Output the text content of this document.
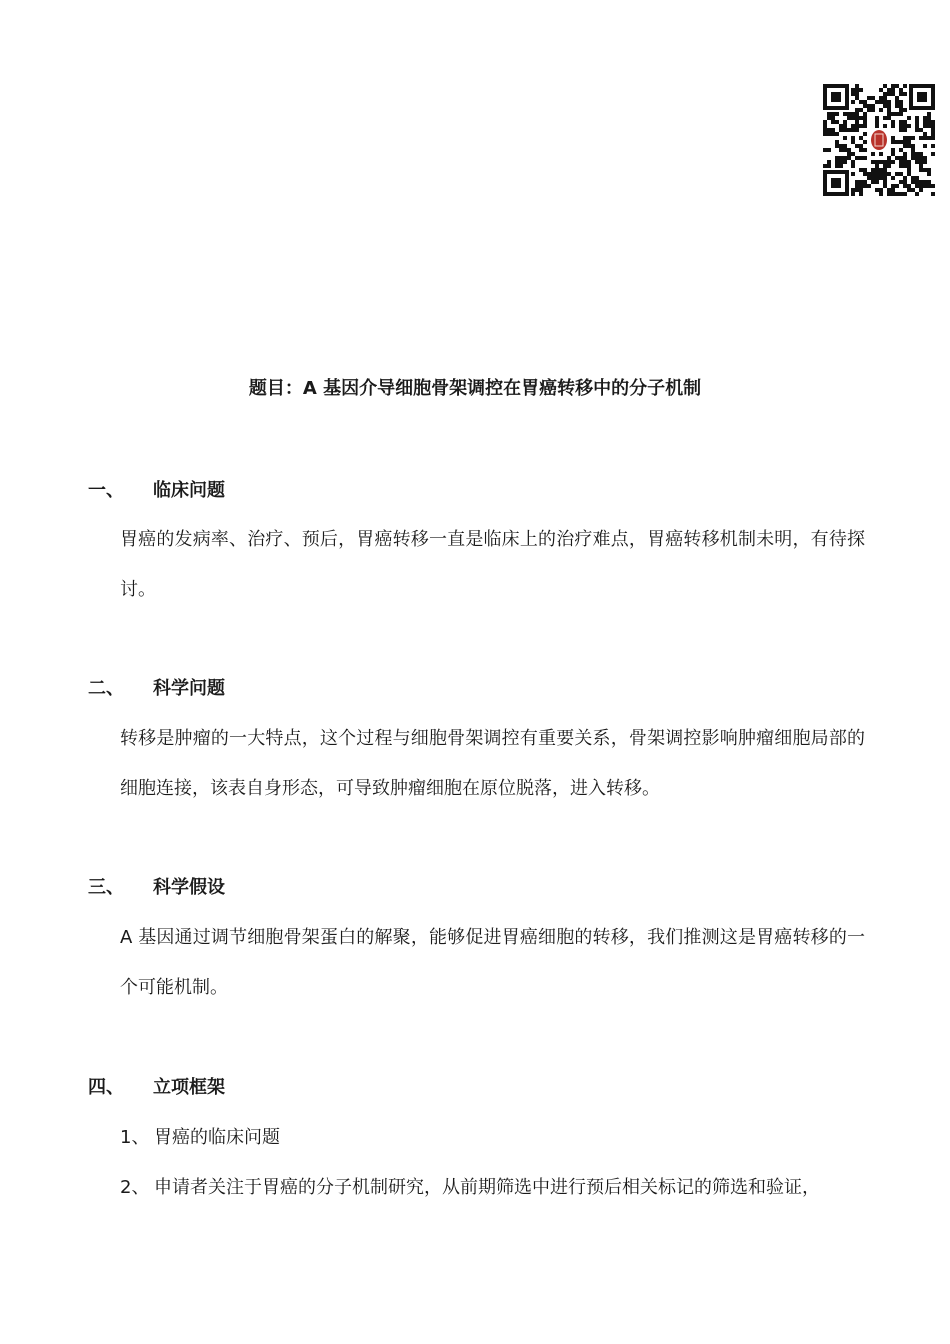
题目：A 基因介导细胞骨架调控在胃癌转移中的分子机制
一、 临床问题
胃癌的发病率、治疗、预后，胃癌转移一直是临床上的治疗难点，胃癌转移机制未明，有待探讨。
二、 科学问题
转移是肿瘤的一大特点，这个过程与细胞骨架调控有重要关系，骨架调控影响肿瘤细胞局部的细胞连接，该表自身形态，可导致肿瘤细胞在原位脱落，进入转移。
三、 科学假设
A 基因通过调节细胞骨架蛋白的解聚，能够促进胃癌细胞的转移，我们推测这是胃癌转移的一个可能机制。
四、 立项框架
1、 胃癌的临床问题
2、 申请者关注于胃癌的分子机制研究，从前期筛选中进行预后相关标记的筛选和验证，
